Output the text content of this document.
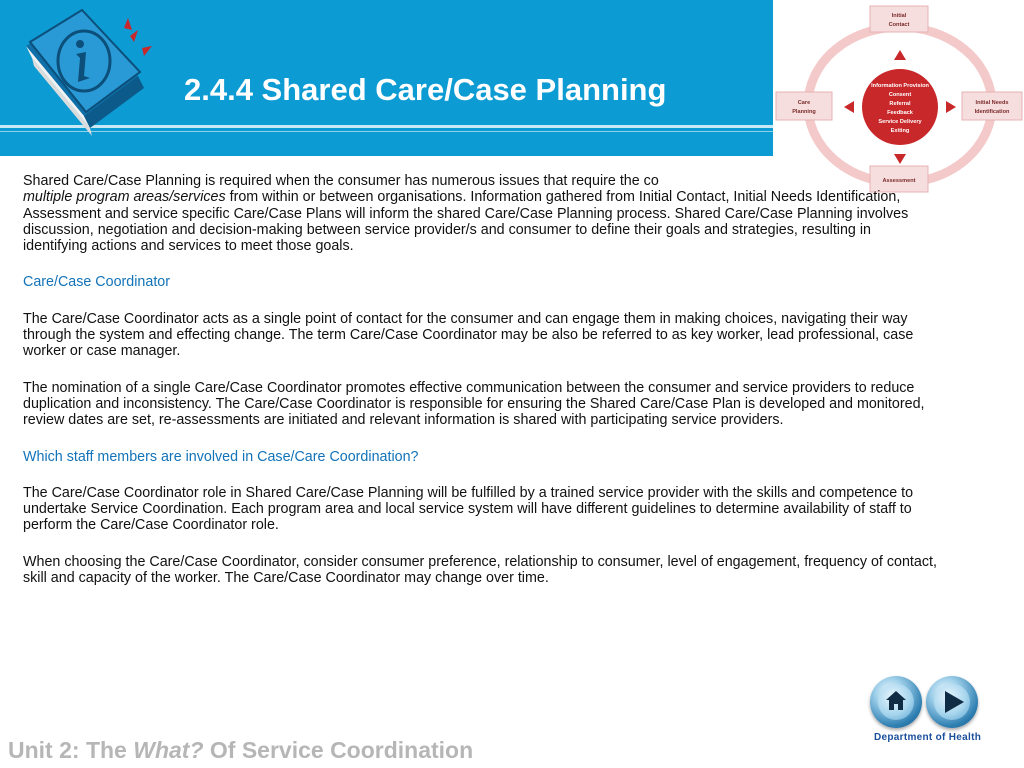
2.4.4 Shared Care/Case Planning	Information Provision
Consent
Referral
Feedback
Service Delivery
Exiting
Initial
Contact
Initial Needs
Identification
Care
Planning
Assessment

Shared Care/Case Planning is required when the consumer has numerous issues that require the co
multiple program areas/services from within or between organisations. Information gathered from Initial Contact, Initial Needs Identification, Assessment and service specific Care/Case Plans will inform the shared Care/Case Planning process. Shared Care/Case Planning involves discussion, negotiation and decision-making between service provider/s and consumer to define their goals and strategies, resulting in identifying actions and services to meet those goals.

Care/Case Coordinator

The Care/Case Coordinator acts as a single point of contact for the consumer and can engage them in making choices, navigating their way through the system and effecting change. The term Care/Case Coordinator may be also be referred to as key worker, lead professional, case worker or case manager.

The nomination of a single Care/Case Coordinator promotes effective communication between the consumer and service providers to reduce duplication and inconsistency. The Care/Case Coordinator is responsible for ensuring the Shared Care/Case Plan is developed and monitored, review dates are set, re-assessments are initiated and relevant information is shared with participating service providers.

Which staff members are involved in Case/Care Coordination?

The Care/Case Coordinator role in Shared Care/Case Planning will be fulfilled by a trained service provider with the skills and competence to undertake Service Coordination. Each program area and local service system will have different guidelines to determine availability of staff to perform the Care/Case Coordinator role.

When choosing the Care/Case Coordinator, consider consumer preference, relationship to consumer, level of engagement, frequency of contact, skill and capacity of the worker. The Care/Case Coordinator may change over time.

Department of Health
Unit 2: The What? Of Service Coordination
